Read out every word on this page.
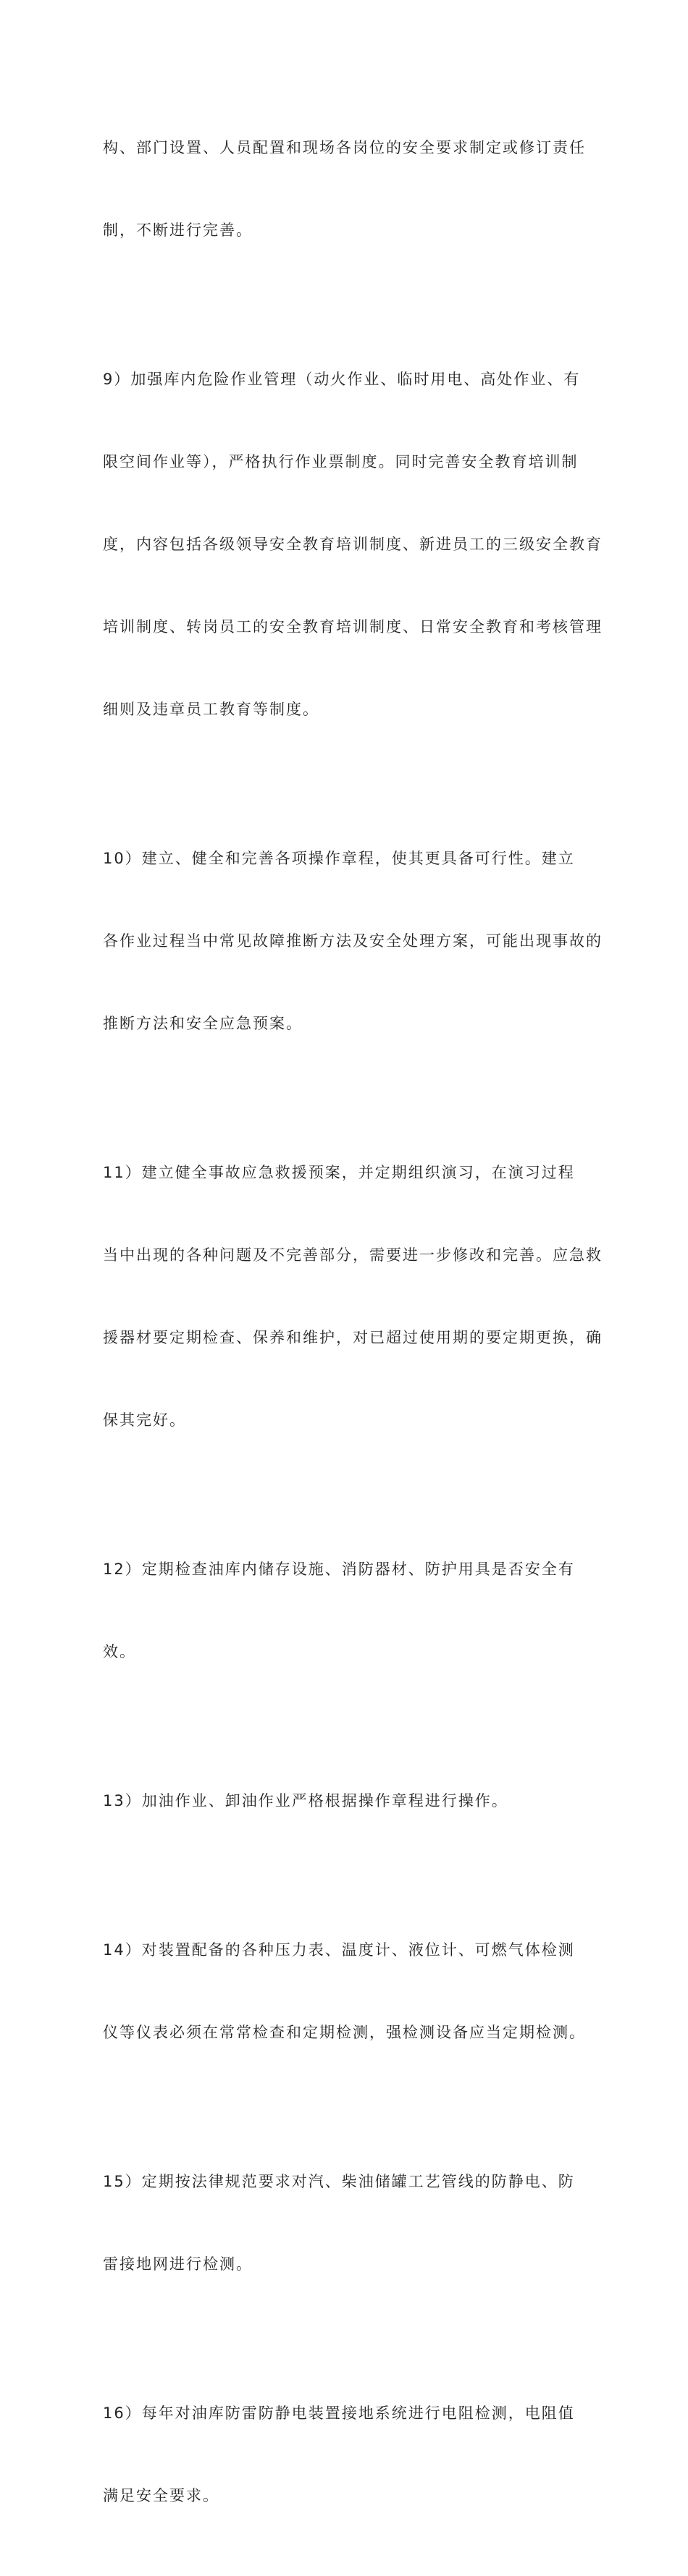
构、部门设置、人员配置和现场各岗位的安全要求制定或修订责任

制，不断进行完善。

9）加强库内危险作业管理（动火作业、临时用电、高处作业、有

限空间作业等），严格执行作业票制度。同时完善安全教育培训制

度，内容包括各级领导安全教育培训制度、新进员工的三级安全教育

培训制度、转岗员工的安全教育培训制度、日常安全教育和考核管理

细则及违章员工教育等制度。

10）建立、健全和完善各项操作章程，使其更具备可行性。建立

各作业过程当中常见故障推断方法及安全处理方案，可能出现事故的

推断方法和安全应急预案。

11）建立健全事故应急救援预案，并定期组织演习，在演习过程

当中出现的各种问题及不完善部分，需要进一步修改和完善。应急救

援器材要定期检查、保养和维护，对已超过使用期的要定期更换，确

保其完好。

12）定期检查油库内储存设施、消防器材、防护用具是否安全有

效。

13）加油作业、卸油作业严格根据操作章程进行操作。

14）对装置配备的各种压力表、温度计、液位计、可燃气体检测

仪等仪表必须在常常检查和定期检测，强检测设备应当定期检测。

15）定期按法律规范要求对汽、柴油储罐工艺管线的防静电、防

雷接地网进行检测。

16）每年对油库防雷防静电装置接地系统进行电阻检测，电阻值

满足安全要求。
